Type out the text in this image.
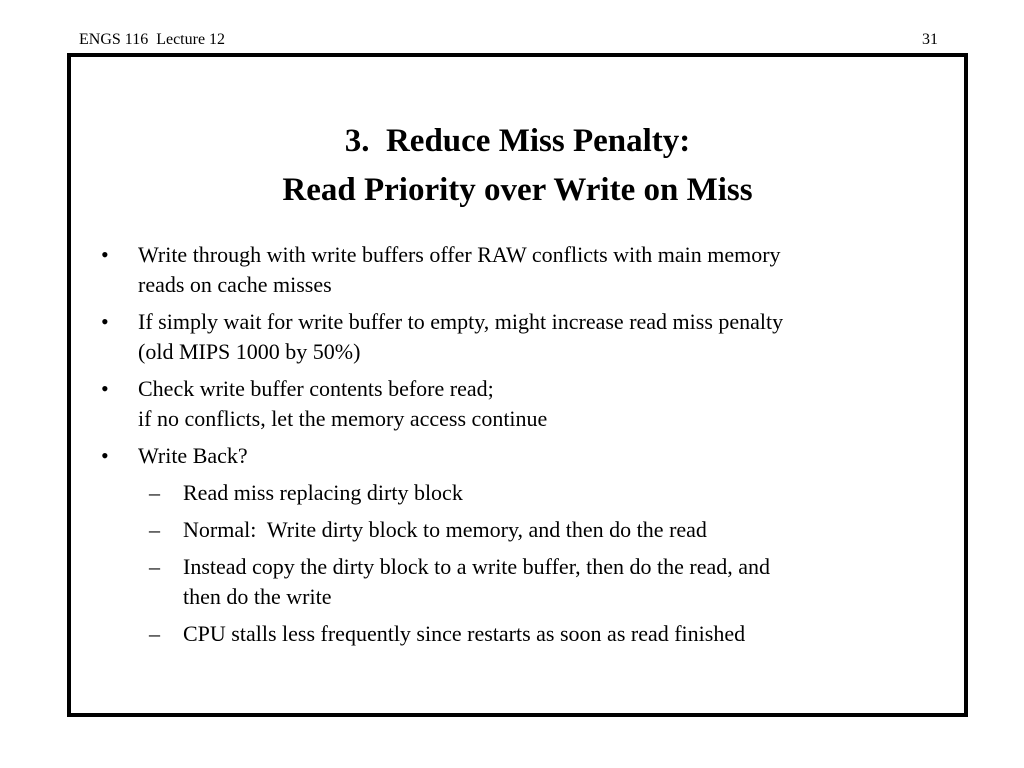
ENGS 116  Lecture 12	31
3.  Reduce Miss Penalty:
Read Priority over Write on Miss
• Write through with write buffers offer RAW conflicts with main memory
reads on cache misses
• If simply wait for write buffer to empty, might increase read miss penalty
(old MIPS 1000 by 50%)
• Check write buffer contents before read;
if no conflicts, let the memory access continue
• Write Back?
– Read miss replacing dirty block
– Normal:  Write dirty block to memory, and then do the read
– Instead copy the dirty block to a write buffer, then do the read, and
then do the write
– CPU stalls less frequently since restarts as soon as read finished
